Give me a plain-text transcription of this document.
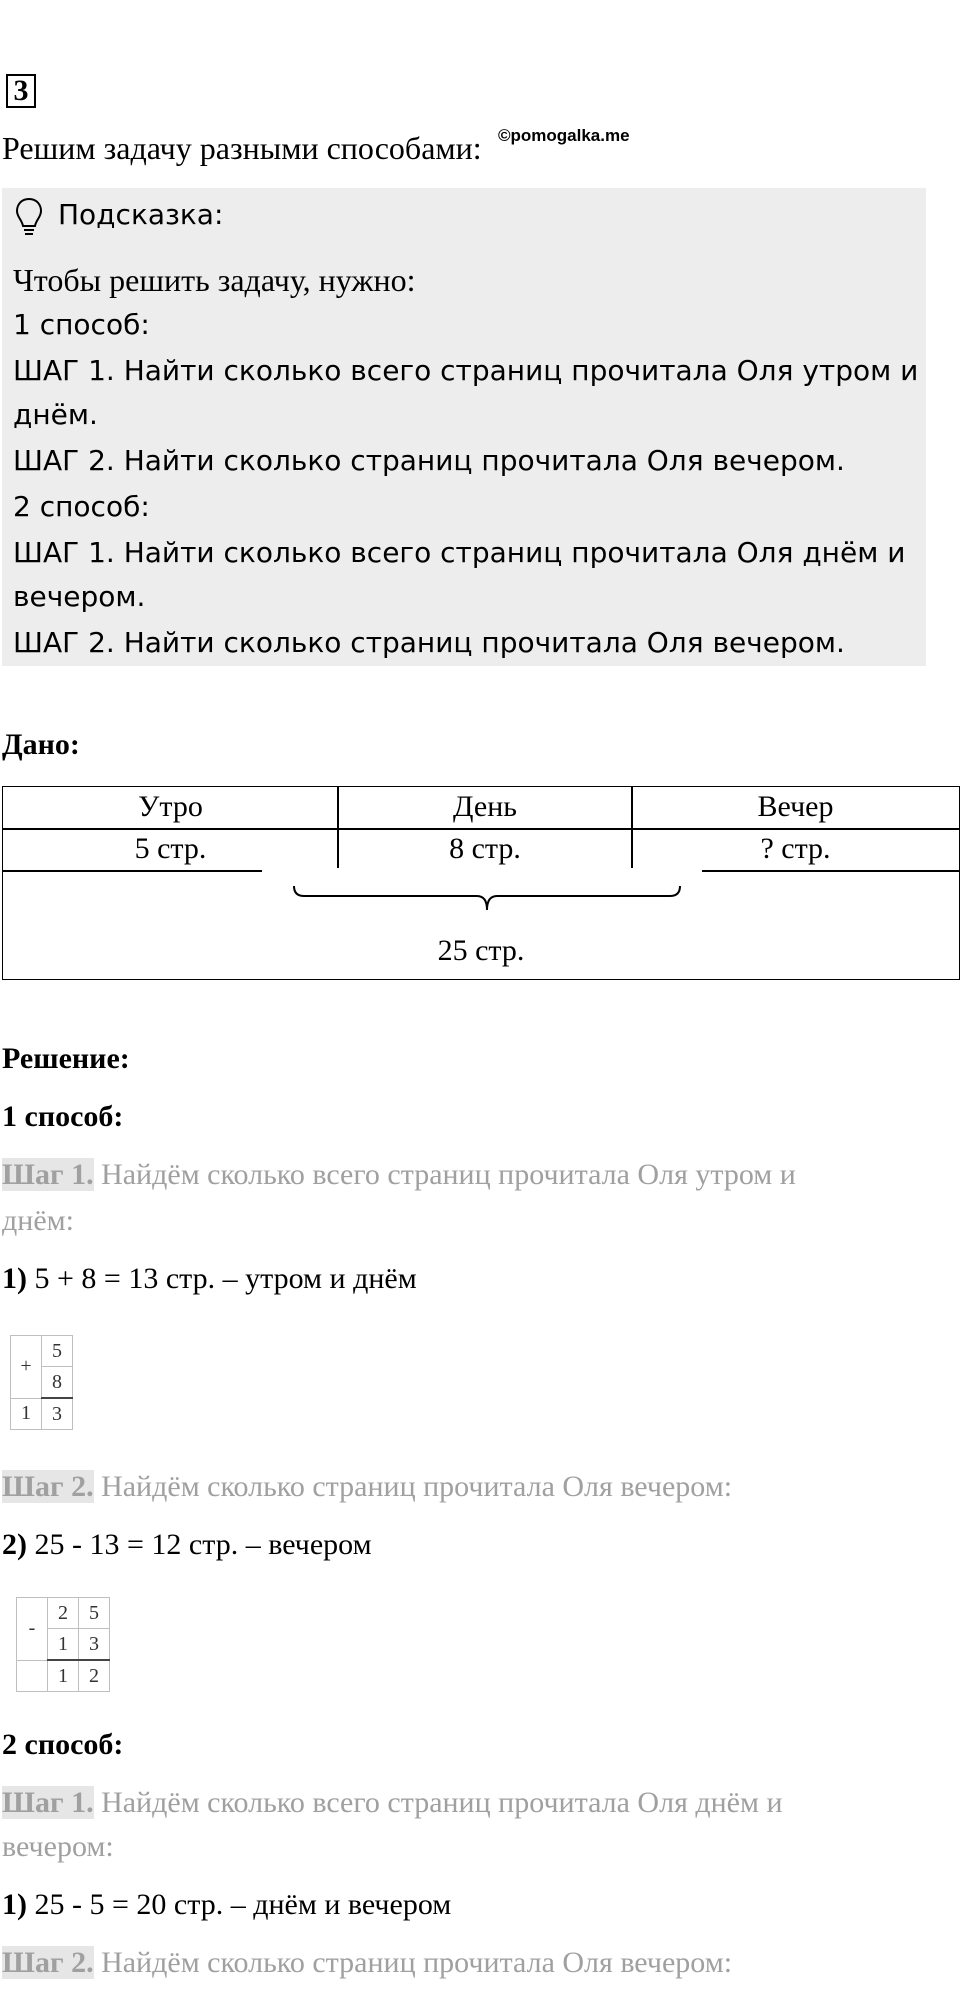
3
Решим задачу разными способами: ©pomogalka.me
Подсказка:
Чтобы решить задачу, нужно:
1 способ:
ШАГ 1. Найти сколько всего страниц прочитала Оля утром и
днём.
ШАГ 2. Найти сколько страниц прочитала Оля вечером.
2 способ:
ШАГ 1. Найти сколько всего страниц прочитала Оля днём и
вечером.
ШАГ 2. Найти сколько страниц прочитала Оля вечером.
Дано:
Утро	День	Вечер
5 стр.	8 стр.	? стр.
25 стр.
Решение:
1 способ:
Шаг 1. Найдём сколько всего страниц прочитала Оля утром и
днём:
1) 5 + 8 = 13 стр. – утром и днём
+	5
	8
1	3
Шаг 2. Найдём сколько страниц прочитала Оля вечером:
2) 25 - 13 = 12 стр. – вечером
-	2	5
	1	3
	1	2
2 способ:
Шаг 1. Найдём сколько всего страниц прочитала Оля днём и
вечером:
1) 25 - 5 = 20 стр. – днём и вечером
Шаг 2. Найдём сколько страниц прочитала Оля вечером:
